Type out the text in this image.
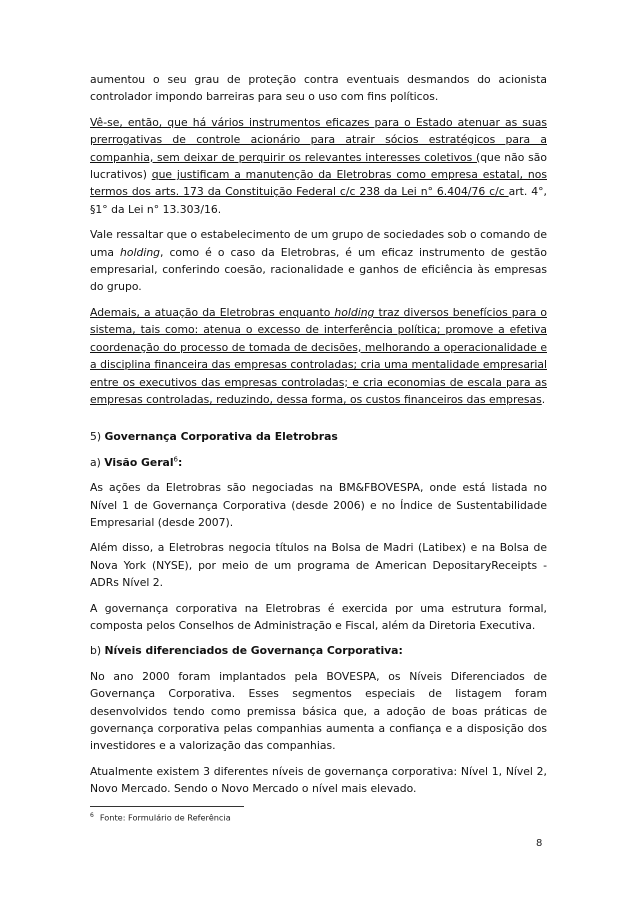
aumentou o seu grau de proteção contra eventuais desmandos do acionista controlador impondo barreiras para seu o uso com fins políticos.

Vê-se, então, que há vários instrumentos eficazes para o Estado atenuar as suas prerrogativas de controle acionário para atrair sócios estratégicos para a companhia, sem deixar de perquirir os relevantes interesses coletivos (que não são lucrativos) que justificam a manutenção da Eletrobras como empresa estatal, nos termos dos arts. 173 da Constituição Federal c/c 238 da Lei n° 6.404/76 c/c art. 4°, §1° da Lei n° 13.303/16.

Vale ressaltar que o estabelecimento de um grupo de sociedades sob o comando de uma holding, como é o caso da Eletrobras, é um eficaz instrumento de gestão empresarial, conferindo coesão, racionalidade e ganhos de eficiência às empresas do grupo.

Ademais, a atuação da Eletrobras enquanto holding traz diversos benefícios para o sistema, tais como: atenua o excesso de interferência política; promove a efetiva coordenação do processo de tomada de decisões, melhorando a operacionalidade e a disciplina financeira das empresas controladas; cria uma mentalidade empresarial entre os executivos das empresas controladas; e cria economias de escala para as empresas controladas, reduzindo, dessa forma, os custos financeiros das empresas.

5) Governança Corporativa da Eletrobras

a) Visão Geral$^6$:

As ações da Eletrobras são negociadas na BM&FBOVESPA, onde está listada no Nível 1 de Governança Corporativa (desde 2006) e no Índice de Sustentabilidade Empresarial (desde 2007).

Além disso, a Eletrobras negocia títulos na Bolsa de Madri (Latibex) e na Bolsa de Nova York (NYSE), por meio de um programa de American DepositaryReceipts - ADRs Nível 2.

A governança corporativa na Eletrobras é exercida por uma estrutura formal, composta pelos Conselhos de Administração e Fiscal, além da Diretoria Executiva.

b) Níveis diferenciados de Governança Corporativa:

No ano 2000 foram implantados pela BOVESPA, os Níveis Diferenciados de Governança Corporativa. Esses segmentos especiais de listagem foram desenvolvidos tendo como premissa básica que, a adoção de boas práticas de governança corporativa pelas companhias aumenta a confiança e a disposição dos investidores e a valorização das companhias.

Atualmente existem 3 diferentes níveis de governança corporativa: Nível 1, Nível 2, Novo Mercado. Sendo o Novo Mercado o nível mais elevado.

$^6$ Fonte: Formulário de Referência
8
